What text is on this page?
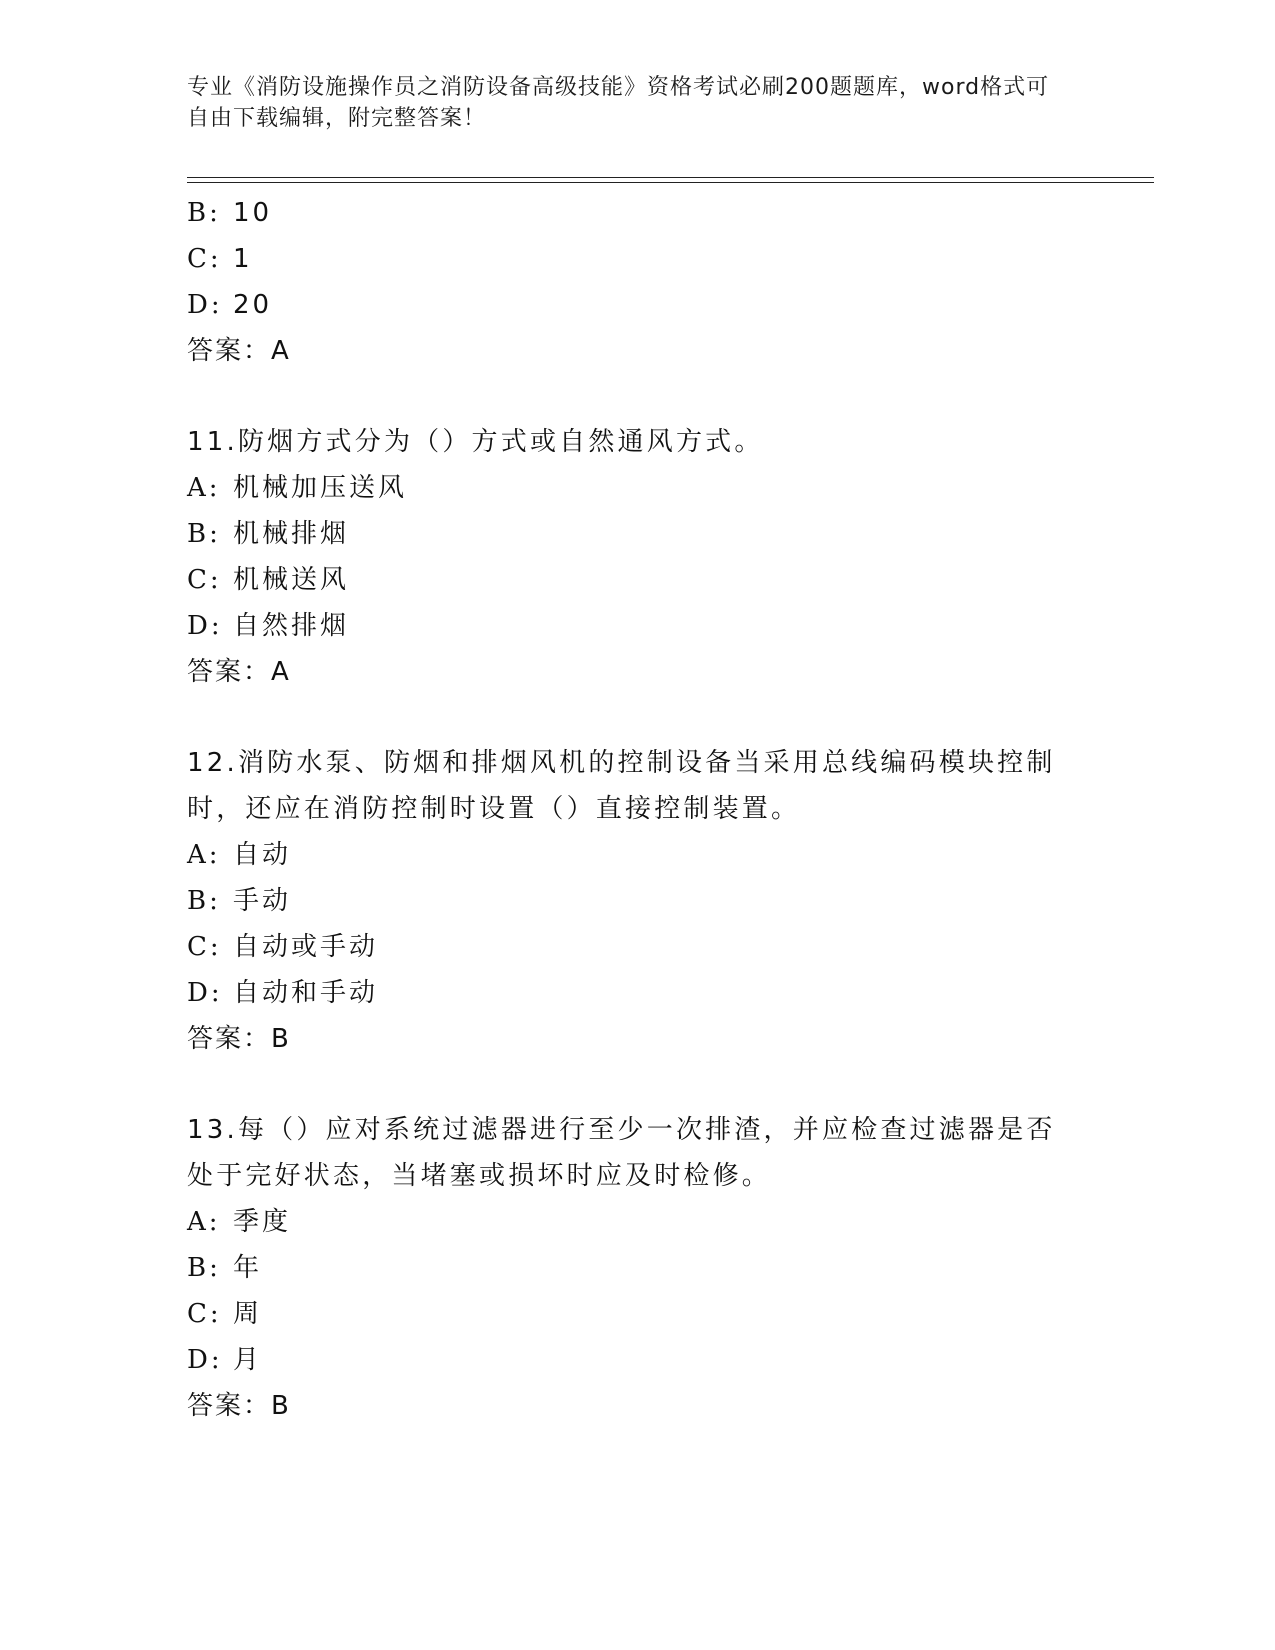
专业《消防设施操作员之消防设备高级技能》资格考试必刷200题题库，word格式可自由下载编辑，附完整答案！
B: 10
C: 1
D: 20
答案：A
11.防烟方式分为（）方式或自然通风方式。
A: 机械加压送风
B: 机械排烟
C: 机械送风
D: 自然排烟
答案：A
12.消防水泵、防烟和排烟风机的控制设备当采用总线编码模块控制时，还应在消防控制时设置（）直接控制装置。
A: 自动
B: 手动
C: 自动或手动
D: 自动和手动
答案：B
13.每（）应对系统过滤器进行至少一次排渣，并应检查过滤器是否处于完好状态，当堵塞或损坏时应及时检修。
A: 季度
B: 年
C: 周
D: 月
答案：B
